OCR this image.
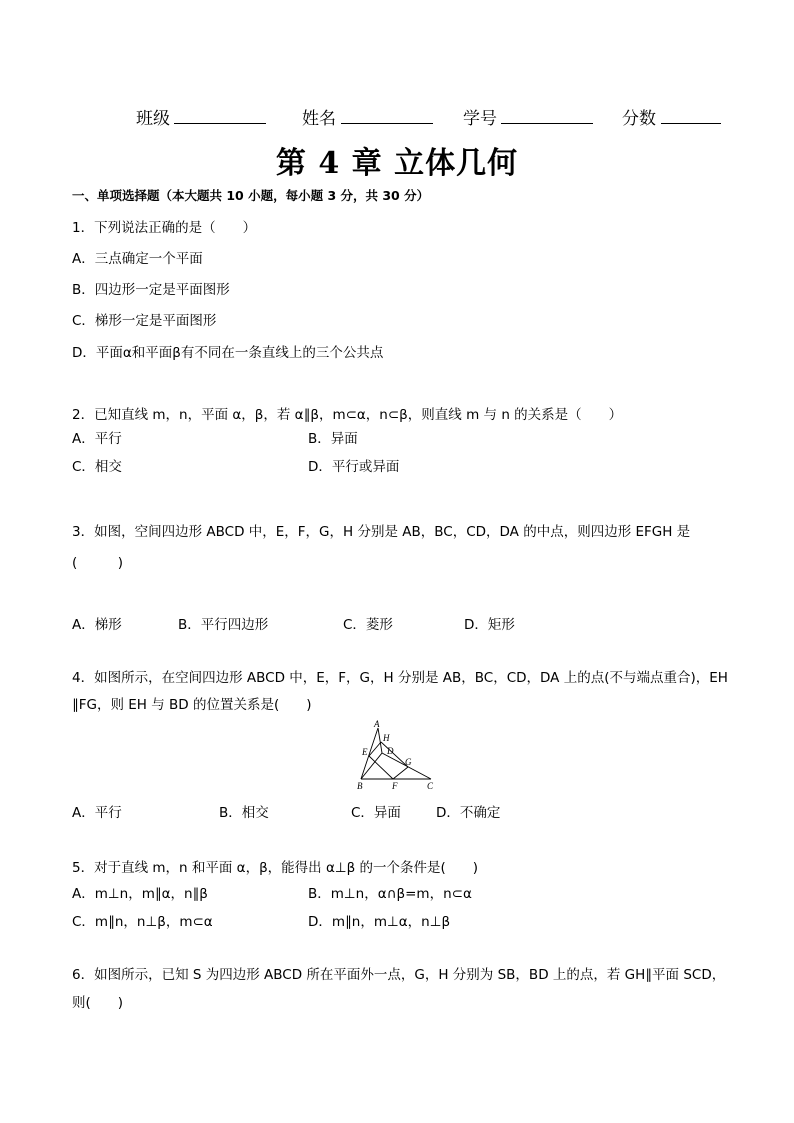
班级	姓名	学号	分数
第 4 章 立体几何
一、单项选择题（本大题共 10 小题，每小题 3 分，共 30 分）
1．下列说法正确的是（　　）
A．三点确定一个平面
B．四边形一定是平面图形
C．梯形一定是平面图形
D．平面α和平面β有不同在一条直线上的三个公共点
2．已知直线 m，n，平面 α，β，若 α∥β，m⊂α，n⊂β，则直线 m 与 n 的关系是（　　）
A．平行	B．异面
C．相交	D．平行或异面
3．如图，空间四边形 ABCD 中，E，F，G，H 分别是 AB，BC，CD，DA 的中点，则四边形 EFGH 是
(　　　)
A．梯形	B．平行四边形	C．菱形	D．矩形
4．如图所示，在空间四边形 ABCD 中，E，F，G，H 分别是 AB，BC，CD，DA 上的点(不与端点重合)，EH
∥FG，则 EH 与 BD 的位置关系是(　　)
A
H
E D
G
B	F	C
A．平行	B．相交	C．异面	D．不确定
5．对于直线 m，n 和平面 α，β，能得出 α⊥β 的一个条件是(　　)
A．m⊥n，m∥α，n∥β	B．m⊥n，α∩β=m，n⊂α
C．m∥n，n⊥β，m⊂α	D．m∥n，m⊥α，n⊥β
6．如图所示，已知 S 为四边形 ABCD 所在平面外一点，G，H 分别为 SB，BD 上的点，若 GH∥平面 SCD，
则(　　)
